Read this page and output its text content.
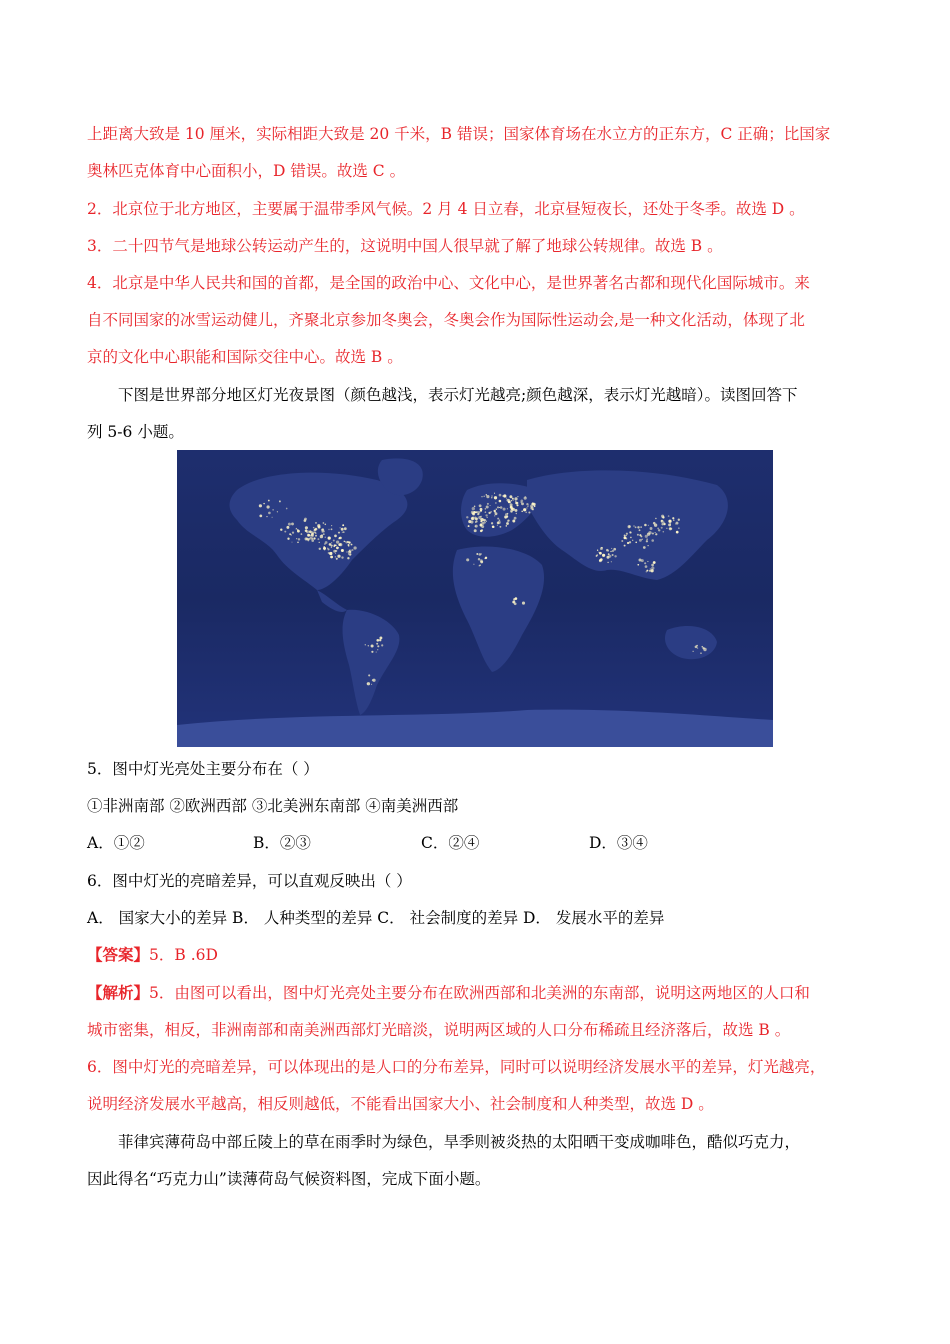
上距离大致是 10 厘米，实际相距大致是 20 千米，B 错误；国家体育场在水立方的正东方，C 正确；比国家
奥林匹克体育中心面积小，D 错误。故选 C 。
2．北京位于北方地区，主要属于温带季风气候。2 月 4 日立春，北京昼短夜长，还处于冬季。故选 D 。
3．二十四节气是地球公转运动产生的，这说明中国人很早就了解了地球公转规律。故选 B 。
4．北京是中华人民共和国的首都，是全国的政治中心、文化中心，是世界著名古都和现代化国际城市。来
自不同国家的冰雪运动健儿，齐聚北京参加冬奥会，冬奥会作为国际性运动会,是一种文化活动，体现了北
京的文化中心职能和国际交往中心。故选 B 。
下图是世界部分地区灯光夜景图（颜色越浅，表示灯光越亮;颜色越深，表示灯光越暗）。读图回答下
列 5-6 小题。
5．图中灯光亮处主要分布在（ ）
①非洲南部 ②欧洲西部 ③北美洲东南部 ④南美洲西部
A．①②	B．②③	C．②④	D．③④
6．图中灯光的亮暗差异，可以直观反映出（ ）
A． 国家大小的差异 B． 人种类型的差异 C． 社会制度的差异 D． 发展水平的差异
【答案】5．B .6D
【解析】5．由图可以看出，图中灯光亮处主要分布在欧洲西部和北美洲的东南部，说明这两地区的人口和
城市密集，相反，非洲南部和南美洲西部灯光暗淡，说明两区域的人口分布稀疏且经济落后，故选 B 。
6．图中灯光的亮暗差异，可以体现出的是人口的分布差异，同时可以说明经济发展水平的差异，灯光越亮，
说明经济发展水平越高，相反则越低，不能看出国家大小、社会制度和人种类型，故选 D 。
菲律宾薄荷岛中部丘陵上的草在雨季时为绿色，旱季则被炎热的太阳晒干变成咖啡色，酷似巧克力，
因此得名“巧克力山”读薄荷岛气候资料图，完成下面小题。
